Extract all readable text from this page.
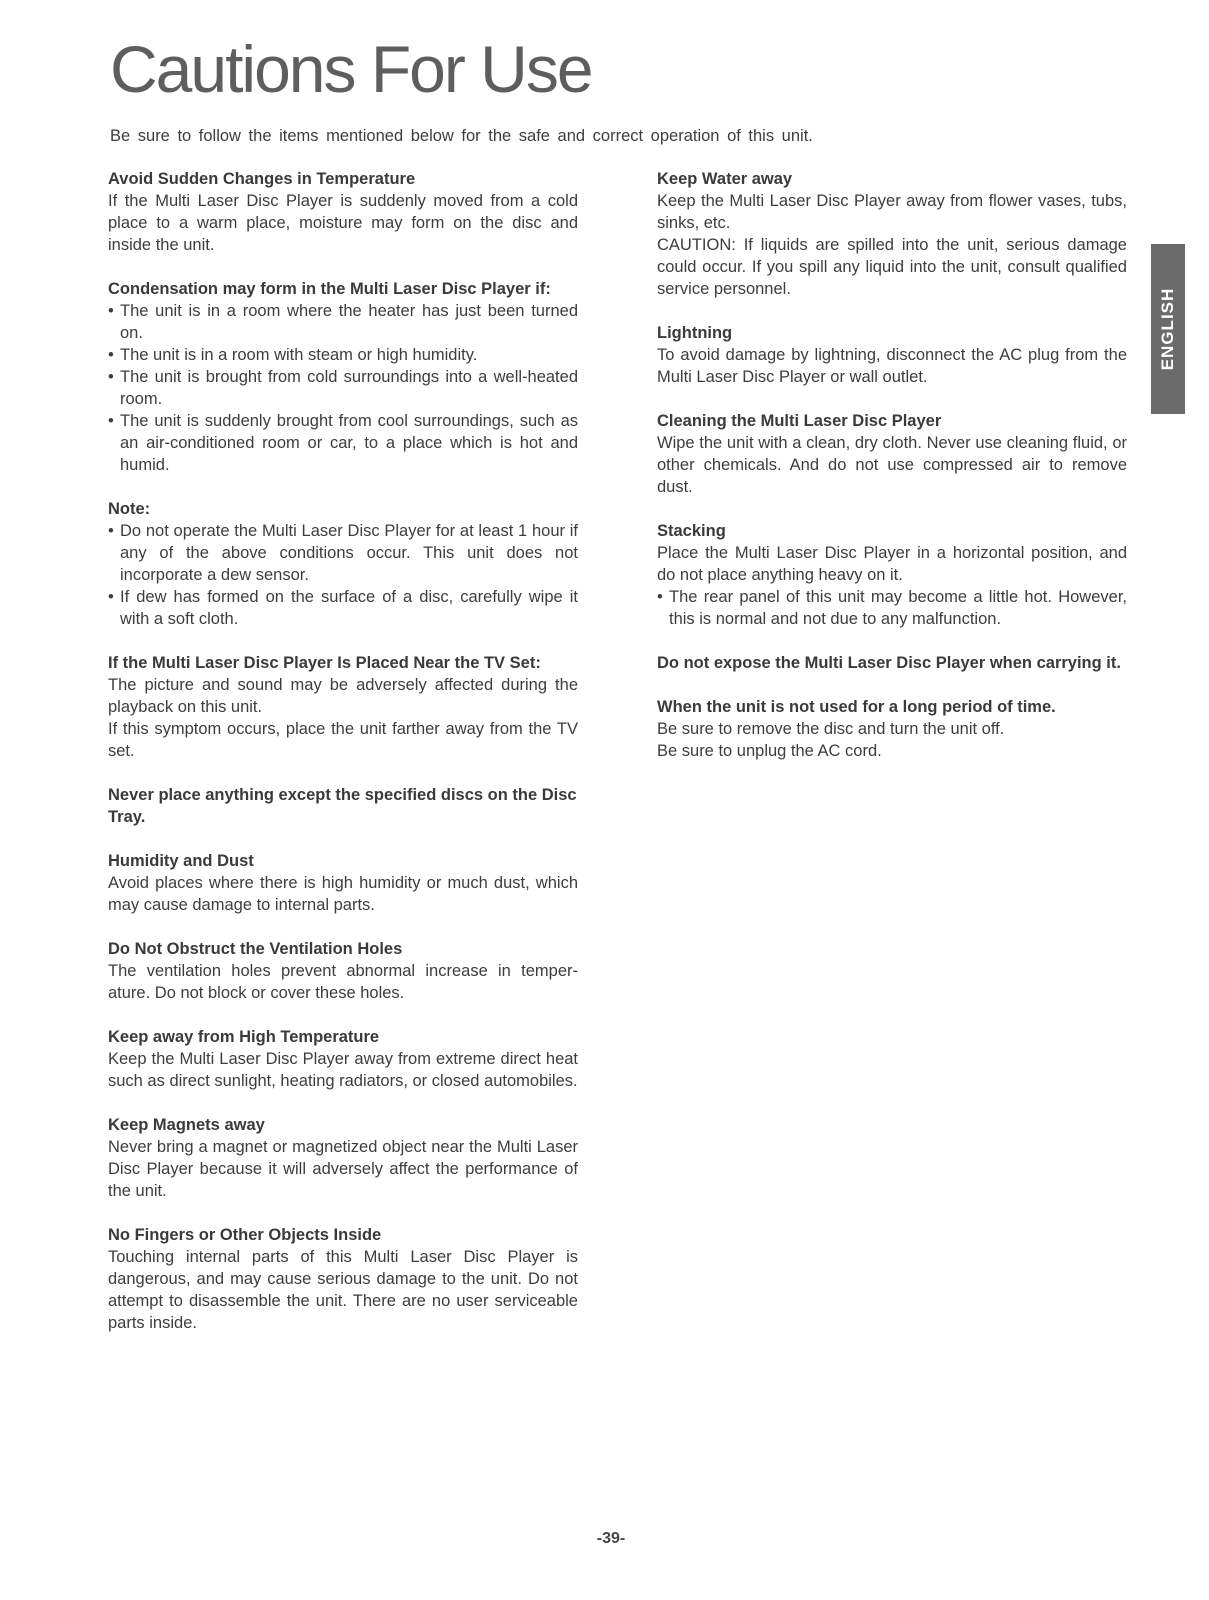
Cautions For Use
Be sure to follow the items mentioned below for the safe and correct operation of this unit.
Avoid Sudden Changes in Temperature
If the Multi Laser Disc Player is suddenly moved from a cold place to a warm place, moisture may form on the disc and inside the unit.
Condensation may form in the Multi Laser Disc Player if:
• The unit is in a room where the heater has just been turned on.
• The unit is in a room with steam or high humidity.
• The unit is brought from cold surroundings into a well-heated room.
• The unit is suddenly brought from cool surroundings, such as an air-conditioned room or car, to a place which is hot and humid.
Note:
• Do not operate the Multi Laser Disc Player for at least 1 hour if any of the above conditions occur. This unit does not incorporate a dew sensor.
• If dew has formed on the surface of a disc, carefully wipe it with a soft cloth.
If the Multi Laser Disc Player Is Placed Near the TV Set:
The picture and sound may be adversely affected during the playback on this unit.
If this symptom occurs, place the unit farther away from the TV set.
Never place anything except the specified discs on the Disc Tray.
Humidity and Dust
Avoid places where there is high humidity or much dust, which may cause damage to internal parts.
Do Not Obstruct the Ventilation Holes
The ventilation holes prevent abnormal increase in temper-ature. Do not block or cover these holes.
Keep away from High Temperature
Keep the Multi Laser Disc Player away from extreme direct heat such as direct sunlight, heating radiators, or closed automobiles.
Keep Magnets away
Never bring a magnet or magnetized object near the Multi Laser Disc Player because it will adversely affect the performance of the unit.
No Fingers or Other Objects Inside
Touching internal parts of this Multi Laser Disc Player is dangerous, and may cause serious damage to the unit. Do not attempt to disassemble the unit. There are no user serviceable parts inside.
Keep Water away
Keep the Multi Laser Disc Player away from flower vases, tubs, sinks, etc.
CAUTION: If liquids are spilled into the unit, serious damage could occur. If you spill any liquid into the unit, consult qualified service personnel.
Lightning
To avoid damage by lightning, disconnect the AC plug from the Multi Laser Disc Player or wall outlet.
Cleaning the Multi Laser Disc Player
Wipe the unit with a clean, dry cloth. Never use cleaning fluid, or other chemicals. And do not use compressed air to remove dust.
Stacking
Place the Multi Laser Disc Player in a horizontal position, and do not place anything heavy on it.
• The rear panel of this unit may become a little hot. However, this is normal and not due to any malfunction.
Do not expose the Multi Laser Disc Player when carrying it.
When the unit is not used for a long period of time.
Be sure to remove the disc and turn the unit off.
Be sure to unplug the AC cord.
ENGLISH
-39-
